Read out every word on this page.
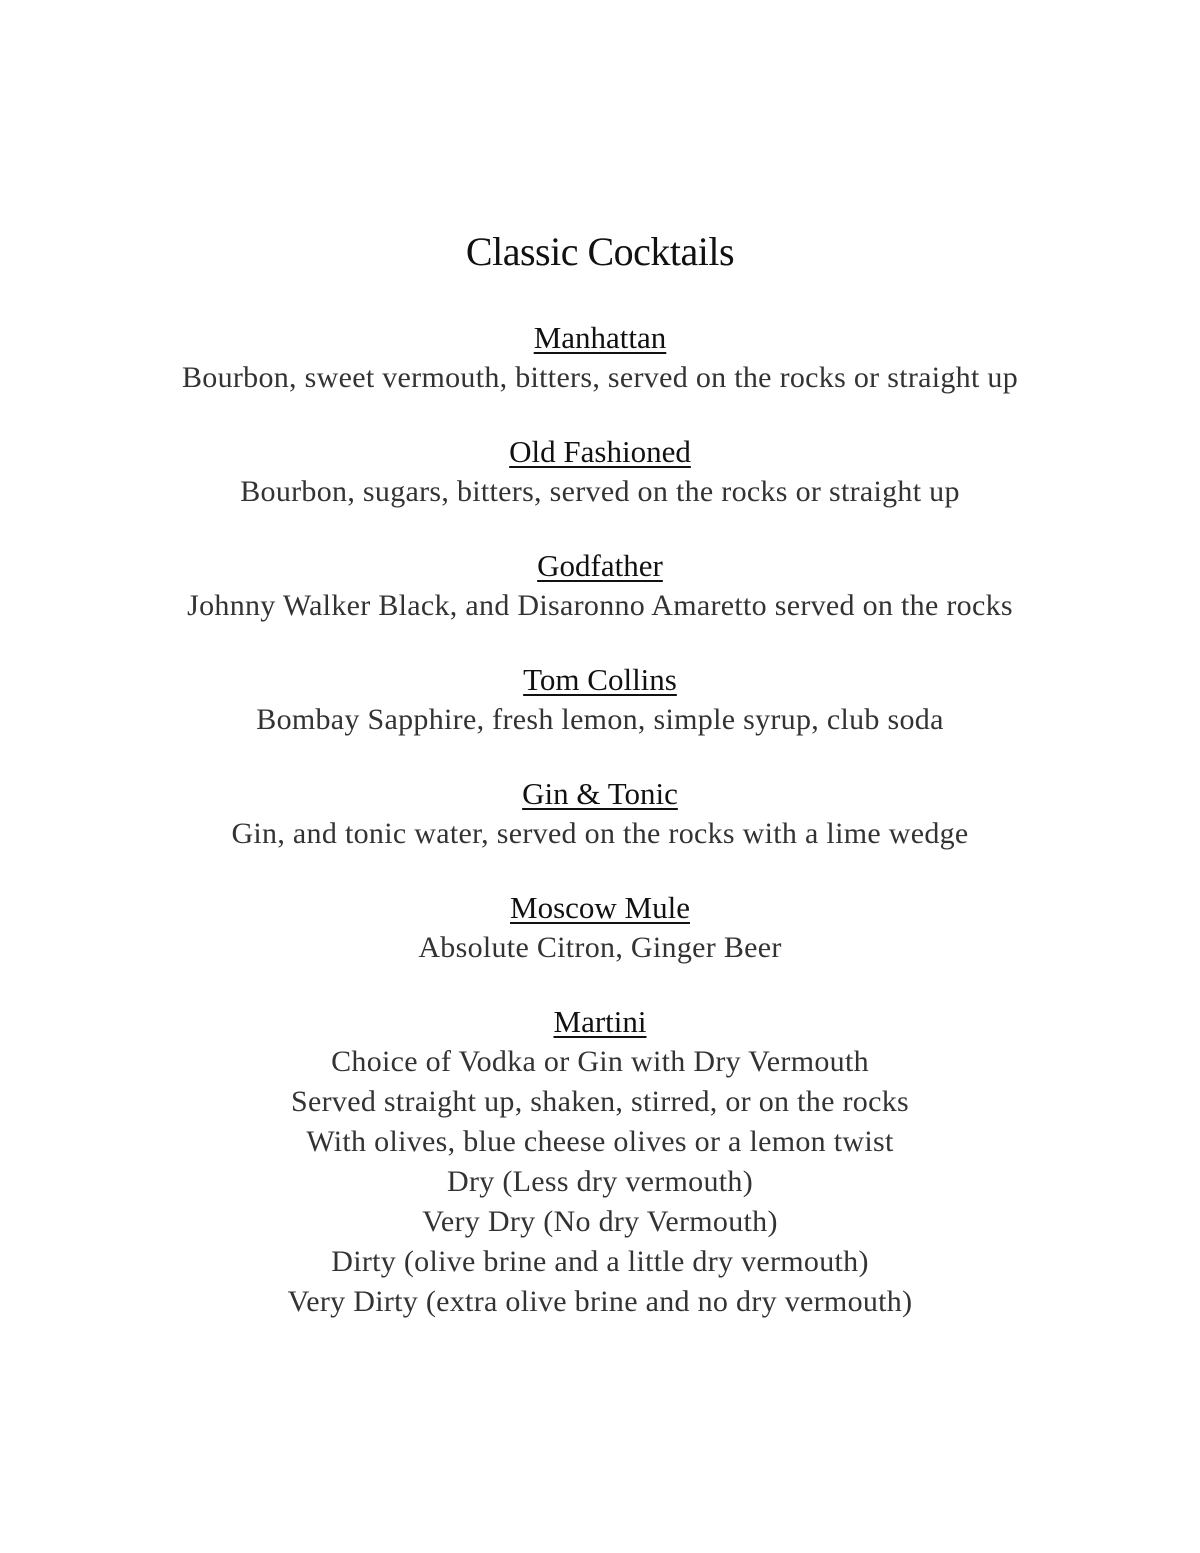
Classic Cocktails
Manhattan
Bourbon, sweet vermouth, bitters, served on the rocks or straight up
Old Fashioned
Bourbon, sugars, bitters, served on the rocks or straight up
Godfather
Johnny Walker Black, and Disaronno Amaretto served on the rocks
Tom Collins
Bombay Sapphire, fresh lemon, simple syrup, club soda
Gin & Tonic
Gin, and tonic water, served on the rocks with a lime wedge
Moscow Mule
Absolute Citron, Ginger Beer
Martini
Choice of Vodka or Gin with Dry Vermouth
Served straight up, shaken, stirred, or on the rocks
With olives, blue cheese olives or a lemon twist
Dry (Less dry vermouth)
Very Dry (No dry Vermouth)
Dirty (olive brine and a little dry vermouth)
Very Dirty (extra olive brine and no dry vermouth)
